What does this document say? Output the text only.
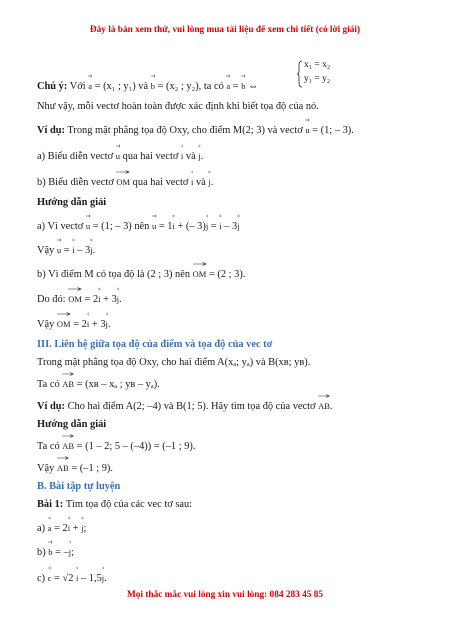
Đây là bản xem thử, vui lòng mua tài liệu để xem chi tiết (có lời giải)
x₁ = x₂
y₁ = y₂
Chú ý: Với
a = (x₁ ; y₁) và
b = (x₂ ; y₂), ta có
a =
b ⇔
Như vậy, mỗi vectơ hoàn toàn được xác định khi biết tọa độ của nó.
Ví dụ: Trong mặt phẳng tọa độ Oxy, cho điểm M(2; 3) và vectơ
u = (1; – 3).
a) Biểu diễn vectơ
u qua hai vectơ
i và
j.
b) Biểu diễn vectơ
OM qua hai vectơ
i và
j.
Hướng dẫn giải
a) Vì vectơ
u = (1; – 3) nên
u = 1
i + (– 3)
j =
i – 3
j
Vậy
u =
i – 3
j.
b) Vì điểm M có tọa độ là (2 ; 3) nên
OM = (2 ; 3).
Do đó:
OM = 2
i + 3
j.
Vậy
OM = 2
i + 3
j.
III. Liên hệ giữa tọa độ của điểm và tọa độ của vec tơ
Trong mặt phẳng tọa độ Oxy, cho hai điểm A(xₐ; yₐ) và B(xʙ; yʙ).
Ta có
AB = (xʙ – xₐ ; yʙ – yₐ).
Ví dụ: Cho hai điểm A(2; –4) và B(1; 5). Hãy tìm tọa độ của vectơ
AB.
Hướng dẫn giải
Ta có
AB = (1 – 2; 5 – (–4)) = (–1 ; 9).
Vậy
AB = (–1 ; 9).
B. Bài tập tự luyện
Bài 1: Tìm tọa độ của các vec tơ sau:
a)
a = 2
i +
j;
b)
b = –
j;
c)
c = √2 i – 1,5
j.
Mọi thắc mắc vui lòng xin vui lòng: 084 283 45 85
